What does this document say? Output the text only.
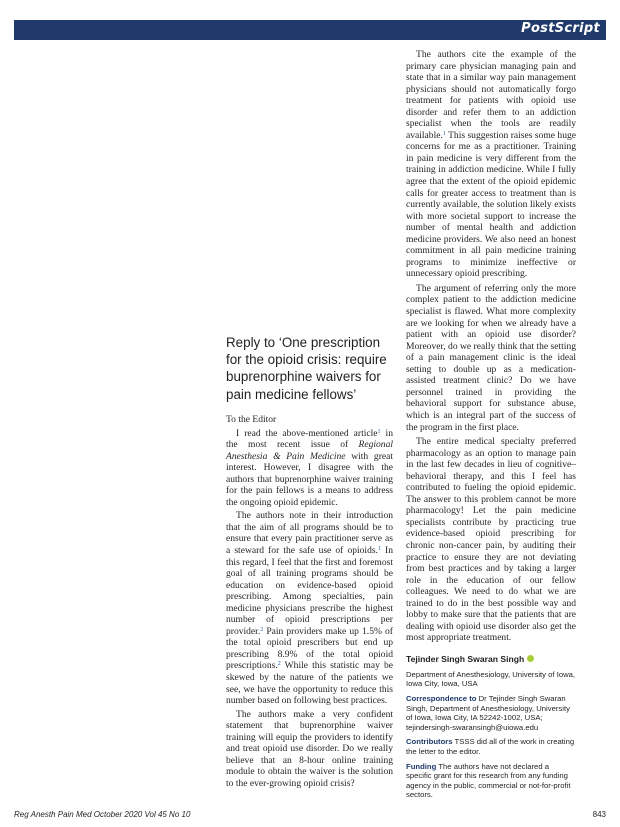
PostScript
Reply to ‘One prescription for the opioid crisis: require buprenorphine waivers for pain medicine fellows’

To the Editor

I read the above-mentioned article$^1$ in the most recent issue of Regional Anesthesia & Pain Medicine with great interest. However, I disagree with the authors that buprenorphine waiver training for the pain fellows is a means to address the ongoing opioid epidemic.

The authors note in their introduction that the aim of all programs should be to ensure that every pain practitioner serve as a steward for the safe use of opioids.$^1$ In this regard, I feel that the first and foremost goal of all training programs should be education on evidence-based opioid prescribing. Among specialties, pain medicine physicians prescribe the highest number of opioid prescriptions per provider.$^2$ Pain providers make up 1.5% of the total opioid prescribers but end up prescribing 8.9% of the total opioid prescriptions.$^2$ While this statistic may be skewed by the nature of the patients we see, we have the opportunity to reduce this number based on following best practices.

The authors make a very confident statement that buprenorphine waiver training will equip the providers to identify and treat opioid use disorder. Do we really believe that an 8-hour online training module to obtain the waiver is the solution to the ever-growing opioid crisis?

The authors cite the example of the primary care physician managing pain and state that in a similar way pain management physicians should not automatically forgo treatment for patients with opioid use disorder and refer them to an addiction specialist when the tools are readily available.$^1$ This suggestion raises some huge concerns for me as a practitioner. Training in pain medicine is very different from the training in addiction medicine. While I fully agree that the extent of the opioid epidemic calls for greater access to treatment than is currently available, the solution likely exists with more societal support to increase the number of mental health and addiction medicine providers. We also need an honest commitment in all pain medicine training programs to minimize ineffective or unnecessary opioid prescribing.

The argument of referring only the more complex patient to the addiction medicine specialist is flawed. What more complexity are we looking for when we already have a patient with an opioid use disorder? Moreover, do we really think that the setting of a pain management clinic is the ideal setting to double up as a medication-assisted treatment clinic? Do we have personnel trained in providing the behavioral support for substance abuse, which is an integral part of the success of the program in the first place.

The entire medical specialty preferred pharmacology as an option to manage pain in the last few decades in lieu of cognitive–behavioral therapy, and this I feel has contributed to fueling the opioid epidemic. The answer to this problem cannot be more pharmacology! Let the pain medicine specialists contribute by practicing true evidence-based opioid prescribing for chronic non-cancer pain, by auditing their practice to ensure they are not deviating from best practices and by taking a larger role in the education of our fellow colleagues. We need to do what we are trained to do in the best possible way and lobby to make sure that the patients that are dealing with opioid use disorder also get the most appropriate treatment.

Tejinder Singh Swaran Singh

Department of Anesthesiology, University of Iowa, Iowa City, Iowa, USA

Correspondence to Dr Tejinder Singh Swaran Singh, Department of Anesthesiology, University of Iowa, Iowa City, IA 52242-1002, USA; tejindersingh-swaransingh@uiowa.edu

Contributors TSSS did all of the work in creating the letter to the editor.

Funding The authors have not declared a specific grant for this research from any funding agency in the public, commercial or not-for-profit sectors.

Reg Anesth Pain Med October 2020 Vol 45 No 10	843
